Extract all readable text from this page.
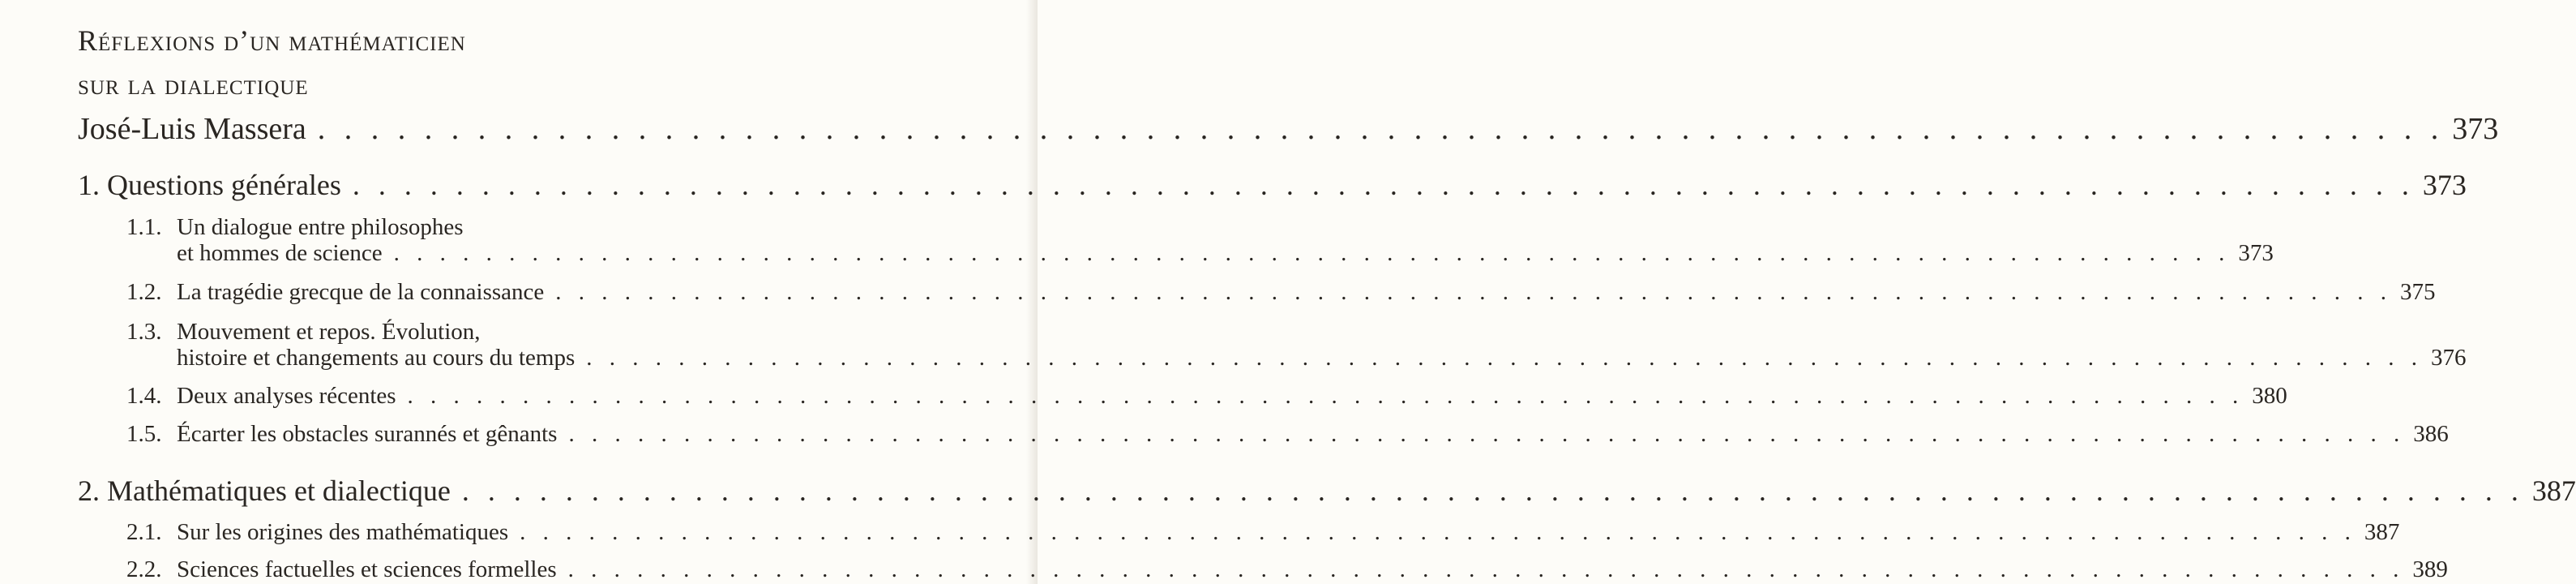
Réflexions d’un mathématicien
sur la dialectique
José-Luis Massera . . . . . . . . . . . . . . . . . . . . . . . . . . . . . . . . . . . . . . . . . . . . . . . . . . . . . . . . . . . . . . . . . . . . . . . . . . . . . . . . 373
1. Questions générales . . . . . . . . . . . . . . . . . . . . . . . . . . . . . . . . . . . . . . . . . . . . . . . . . . . . . . . . . . . . . . . . . . . . . . . . . . . . . . . . 373
1.1. Un dialogue entre philosophes
et hommes de science . . . . . . . . . . . . . . . . . . . . . . . . . . . . . . . . . . . . . . . . . . . . . . . . . . . . . . . . . . . . . . . . . . . . . . . . . . . . . . . . 373
1.2. La tragédie grecque de la connaissance . . . . . . . . . . . . . . . . . . . . . . . . . . . . . . . . . . . . . . . . . . . . . . . . . . . . . . . . . . . . . . . . . . . . . . . . . . . . . . . . 375
1.3. Mouvement et repos. Évolution,
histoire et changements au cours du temps . . . . . . . . . . . . . . . . . . . . . . . . . . . . . . . . . . . . . . . . . . . . . . . . . . . . . . . . . . . . . . . . . . . . . . . . . . . . . . . . 376
1.4. Deux analyses récentes . . . . . . . . . . . . . . . . . . . . . . . . . . . . . . . . . . . . . . . . . . . . . . . . . . . . . . . . . . . . . . . . . . . . . . . . . . . . . . . . 380
1.5. Écarter les obstacles surannés et gênants . . . . . . . . . . . . . . . . . . . . . . . . . . . . . . . . . . . . . . . . . . . . . . . . . . . . . . . . . . . . . . . . . . . . . . . . . . . . . . . . 386
2. Mathématiques et dialectique . . . . . . . . . . . . . . . . . . . . . . . . . . . . . . . . . . . . . . . . . . . . . . . . . . . . . . . . . . . . . . . . . . . . . . . . . . . . . . . . 387
2.1. Sur les origines des mathématiques . . . . . . . . . . . . . . . . . . . . . . . . . . . . . . . . . . . . . . . . . . . . . . . . . . . . . . . . . . . . . . . . . . . . . . . . . . . . . . . . 387
2.2. Sciences factuelles et sciences formelles . . . . . . . . . . . . . . . . . . . . . . . . . . . . . . . . . . . . . . . . . . . . . . . . . . . . . . . . . . . . . . . . . . . . . . . . . . . . . . . . 389
